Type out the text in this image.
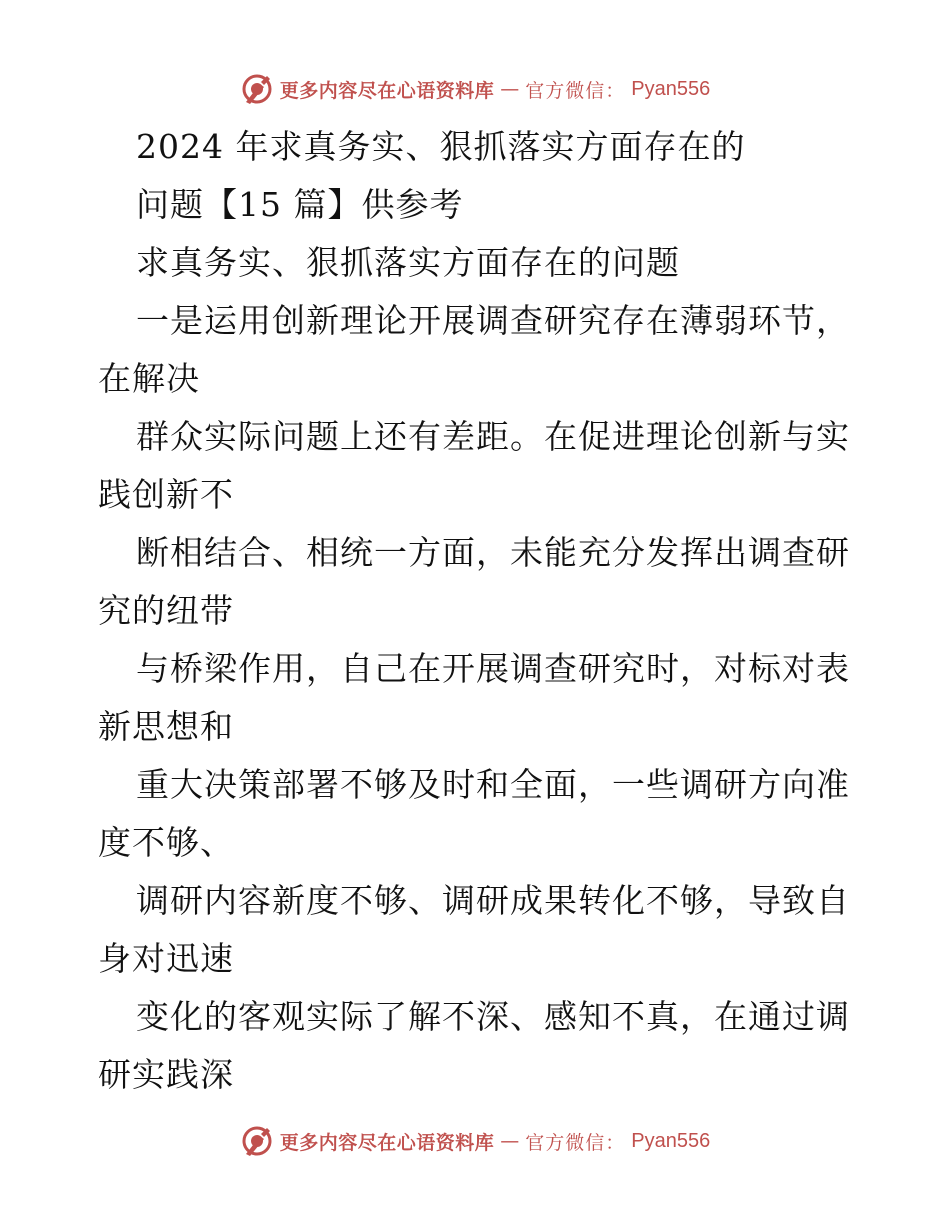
更多内容尽在心语资料库 — 官方微信： Pyan556
2024 年求真务实、狠抓落实方面存在的
问题【15 篇】供参考
求真务实、狠抓落实方面存在的问题
一是运用创新理论开展调查研究存在薄弱环节，
在解决
群众实际问题上还有差距。在促进理论创新与实
践创新不
断相结合、相统一方面，未能充分发挥出调查研
究的纽带
与桥梁作用，自己在开展调查研究时，对标对表
新思想和
重大决策部署不够及时和全面，一些调研方向准
度不够、
调研内容新度不够、调研成果转化不够，导致自
身对迅速
变化的客观实际了解不深、感知不真，在通过调
研实践深
更多内容尽在心语资料库 — 官方微信： Pyan556
